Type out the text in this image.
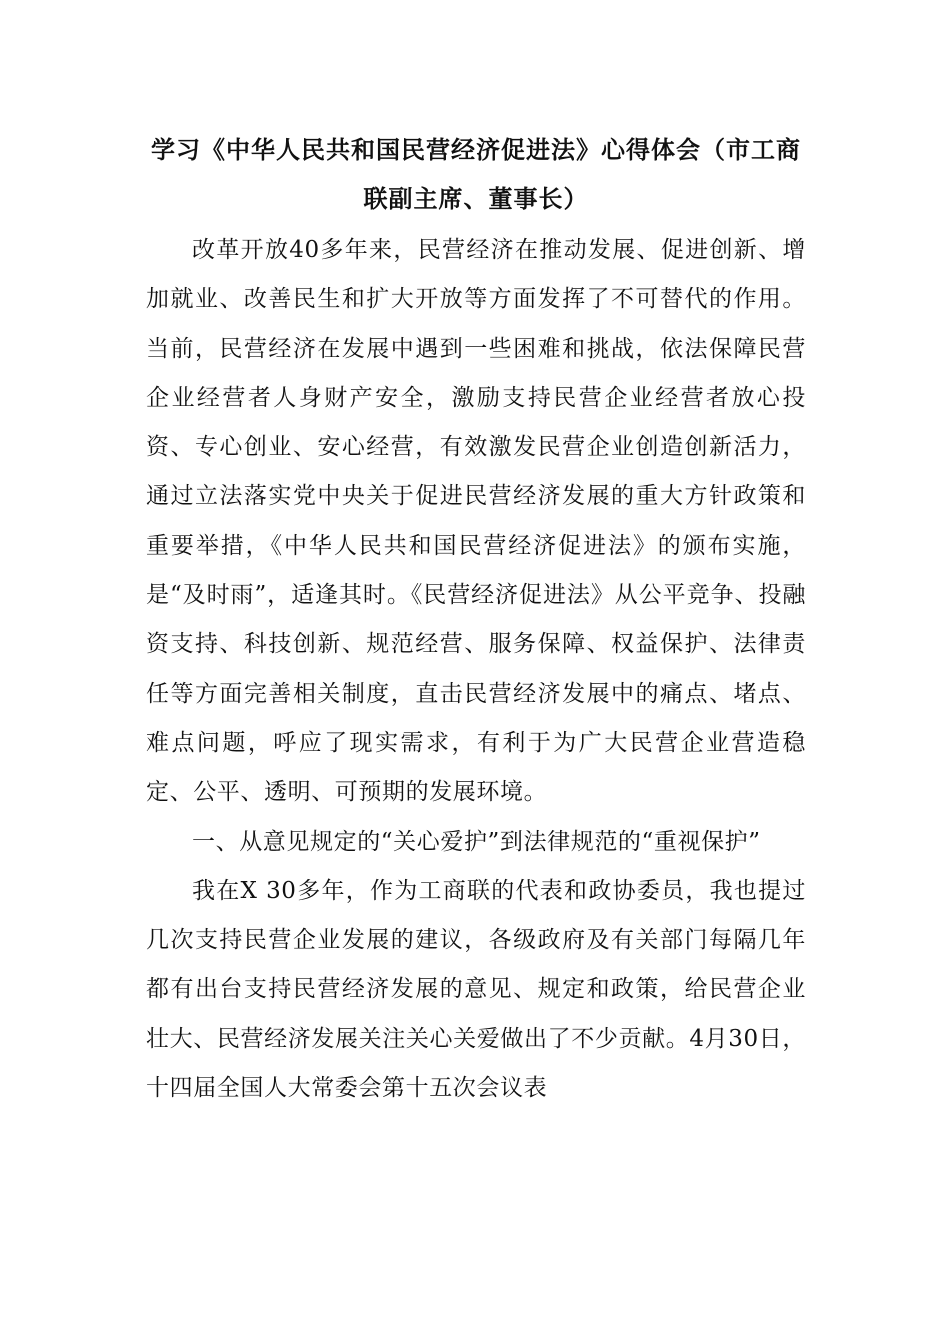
学习《中华人民共和国民营经济促进法》心得体会（市工商联副主席、董事长）

改革开放40多年来，民营经济在推动发展、促进创新、增加就业、改善民生和扩大开放等方面发挥了不可替代的作用。当前，民营经济在发展中遇到一些困难和挑战，依法保障民营企业经营者人身财产安全，激励支持民营企业经营者放心投资、专心创业、安心经营，有效激发民营企业创造创新活力，通过立法落实党中央关于促进民营经济发展的重大方针政策和重要举措，《中华人民共和国民营经济促进法》的颁布实施，是“及时雨”，适逢其时。《民营经济促进法》从公平竞争、投融资支持、科技创新、规范经营、服务保障、权益保护、法律责任等方面完善相关制度，直击民营经济发展中的痛点、堵点、难点问题，呼应了现实需求，有利于为广大民营企业营造稳定、公平、透明、可预期的发展环境。

一、从意见规定的“关心爱护”到法律规范的“重视保护”

我在X 30多年，作为工商联的代表和政协委员，我也提过几次支持民营企业发展的建议，各级政府及有关部门每隔几年都有出台支持民营经济发展的意见、规定和政策，给民营企业壮大、民营经济发展关注关心关爱做出了不少贡献。4月30日，十四届全国人大常委会第十五次会议表
